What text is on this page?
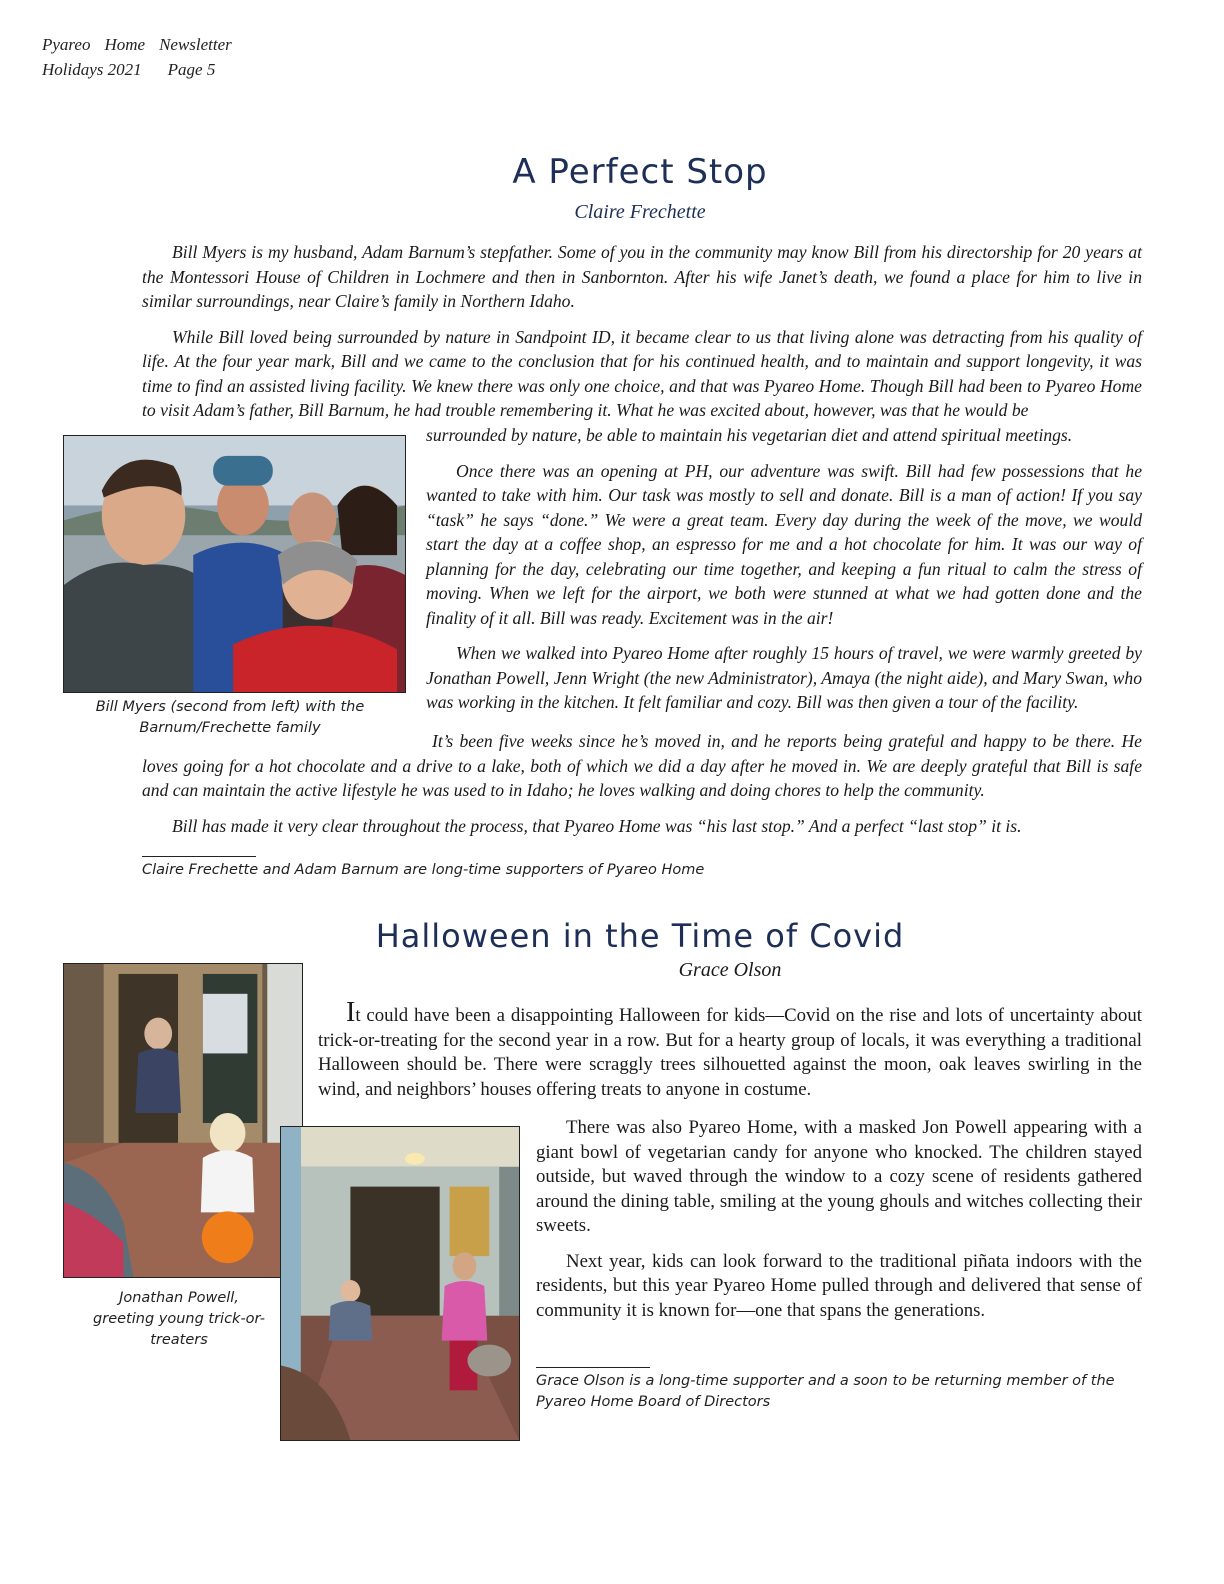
Pyareo Home Newsletter
Holidays 2021 Page 5
A Perfect Stop
Claire Frechette

Bill Myers is my husband, Adam Barnum’s stepfather. Some of you in the community may know Bill from his directorship for 20 years at the Montessori House of Children in Lochmere and then in Sanbornton. After his wife Janet’s death, we found a place for him to live in similar surroundings, near Claire’s family in Northern Idaho.

While Bill loved being surrounded by nature in Sandpoint ID, it became clear to us that living alone was detracting from his quality of life. At the four year mark, Bill and we came to the conclusion that for his continued health, and to maintain and support longevity, it was time to find an assisted living facility. We knew there was only one choice, and that was Pyareo Home. Though Bill had been to Pyareo Home to visit Adam’s father, Bill Barnum, he had trouble remembering it. What he was excited about, however, was that he would be

surrounded by nature, be able to maintain his vegetarian diet and attend spiritual meetings.

Once there was an opening at PH, our adventure was swift. Bill had few possessions that he wanted to take with him. Our task was mostly to sell and donate. Bill is a man of action! If you say “task” he says “done.” We were a great team. Every day during the week of the move, we would start the day at a coffee shop, an espresso for me and a hot chocolate for him. It was our way of planning for the day, celebrating our time together, and keeping a fun ritual to calm the stress of moving. When we left for the airport, we both were stunned at what we had gotten done and the finality of it all. Bill was ready. Excitement was in the air!

When we walked into Pyareo Home after roughly 15 hours of travel, we were warmly greeted by Jonathan Powell, Jenn Wright (the new Administrator), Amaya (the night aide), and Mary Swan, who was working in the kitchen. It felt familiar and cozy. Bill was then given a tour of the facility.

Bill Myers (second from left) with the Barnum/Frechette family

It’s been five weeks since he’s moved in, and he reports being grateful and happy to be there. He loves going for a hot chocolate and a drive to a lake, both of which we did a day after he moved in. We are deeply grateful that Bill is safe and can maintain the active lifestyle he was used to in Idaho; he loves walking and doing chores to help the community.

Bill has made it very clear throughout the process, that Pyareo Home was “his last stop.” And a perfect “last stop” it is.

Claire Frechette and Adam Barnum are long-time supporters of Pyareo Home
Halloween in the Time of Covid
Grace Olson

It could have been a disappointing Halloween for kids—Covid on the rise and lots of uncertainty about trick-or-treating for the second year in a row. But for a hearty group of locals, it was everything a traditional Halloween should be. There were scraggly trees silhouetted against the moon, oak leaves swirling in the wind, and neighbors’ houses offering treats to anyone in costume.

There was also Pyareo Home, with a masked Jon Powell appearing with a giant bowl of vegetarian candy for anyone who knocked. The children stayed outside, but waved through the window to a cozy scene of residents gathered around the dining table, smiling at the young ghouls and witches collecting their sweets.

Next year, kids can look forward to the traditional piñata indoors with the residents, but this year Pyareo Home pulled through and delivered that sense of community it is known for—one that spans the generations.

Jonathan Powell, greeting young trick-or-treaters
Grace Olson is a long-time supporter and a soon to be returning member of the Pyareo Home Board of Directors
